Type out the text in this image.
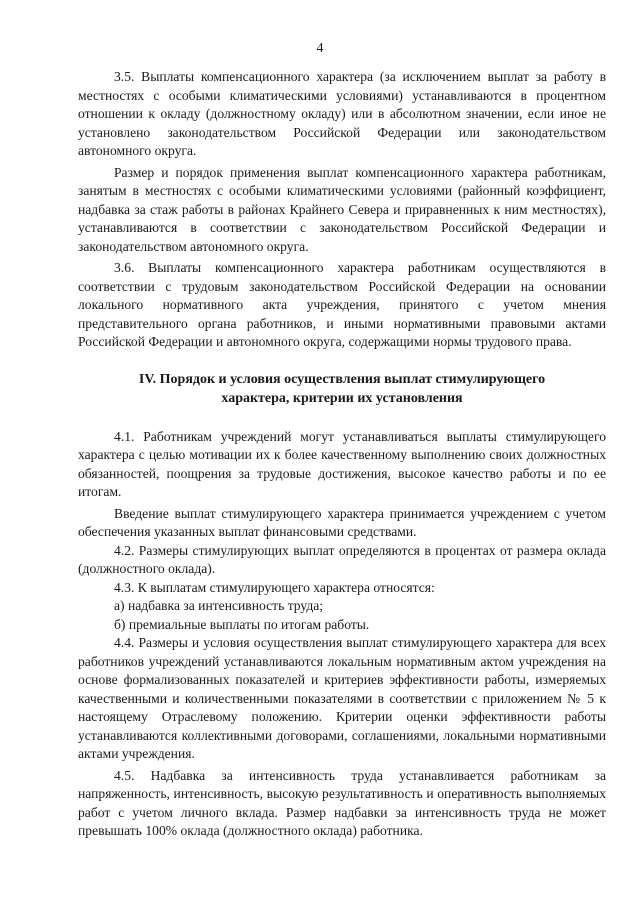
4

3.5. Выплаты компенсационного характера (за исключением выплат за работу в местностях с особыми климатическими условиями) устанавливаются в процентном отношении к окладу (должностному окладу) или в абсолютном значении, если иное не установлено законодательством Российской Федерации или законодательством автономного округа.

Размер и порядок применения выплат компенсационного характера работникам, занятым в местностях с особыми климатическими условиями (районный коэффициент, надбавка за стаж работы в районах Крайнего Севера и приравненных к ним местностях), устанавливаются в соответствии с законодательством Российской Федерации и законодательством автономного округа.

3.6. Выплаты компенсационного характера работникам осуществляются в соответствии с трудовым законодательством Российской Федерации на основании локального нормативного акта учреждения, принятого с учетом мнения представительного органа работников, и иными нормативными правовыми актами Российской Федерации и автономного округа, содержащими нормы трудового права.

IV. Порядок и условия осуществления выплат стимулирующего характера, критерии их установления

4.1. Работникам учреждений могут устанавливаться выплаты стимулирующего характера с целью мотивации их к более качественному выполнению своих должностных обязанностей, поощрения за трудовые достижения, высокое качество работы и по ее итогам.

Введение выплат стимулирующего характера принимается учреждением с учетом обеспечения указанных выплат финансовыми средствами.

4.2. Размеры стимулирующих выплат определяются в процентах от размера оклада (должностного оклада).

4.3. К выплатам стимулирующего характера относятся:

а) надбавка за интенсивность труда;

б) премиальные выплаты по итогам работы.

4.4. Размеры и условия осуществления выплат стимулирующего характера для всех работников учреждений устанавливаются локальным нормативным актом учреждения на основе формализованных показателей и критериев эффективности работы, измеряемых качественными и количественными показателями в соответствии с приложением № 5 к настоящему Отраслевому положению. Критерии оценки эффективности работы устанавливаются коллективными договорами, соглашениями, локальными нормативными актами учреждения.

4.5. Надбавка за интенсивность труда устанавливается работникам за напряженность, интенсивность, высокую результативность и оперативность выполняемых работ с учетом личного вклада. Размер надбавки за интенсивность труда не может превышать 100% оклада (должностного оклада) работника.
